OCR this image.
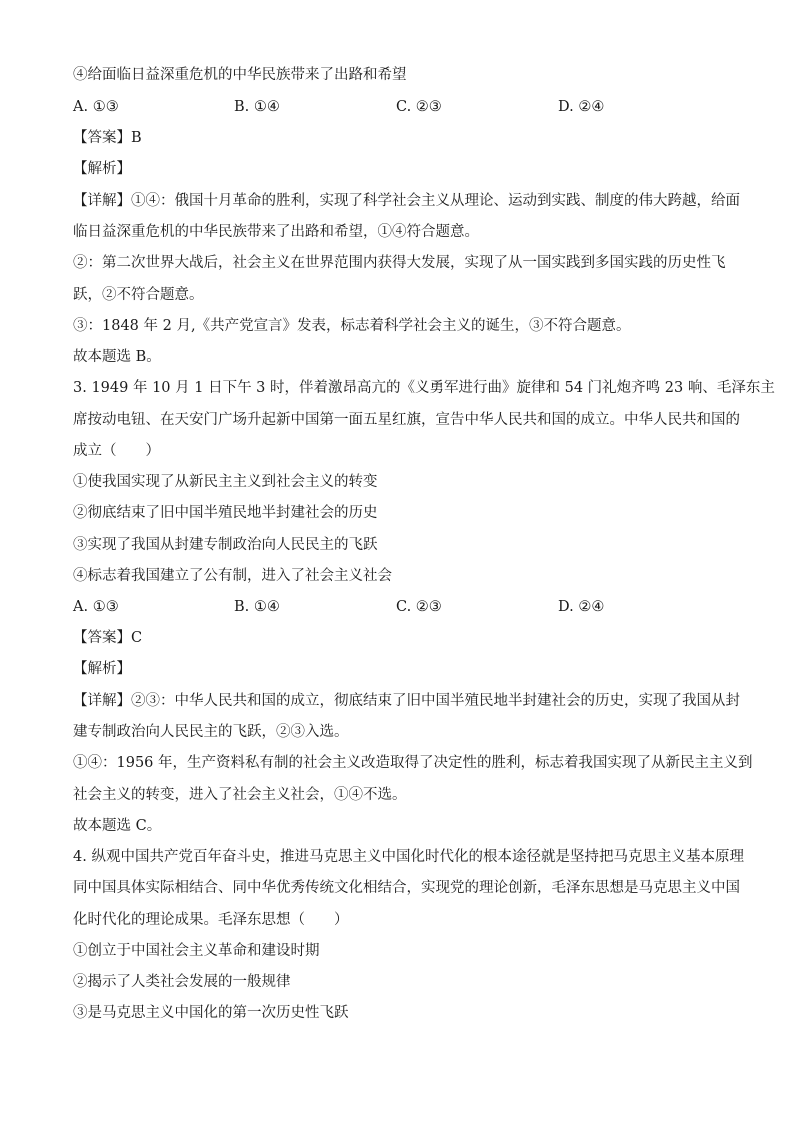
④给面临日益深重危机的中华民族带来了出路和希望
A. ①③	B. ①④	C. ②③	D. ②④
【答案】B
【解析】
【详解】①④：俄国十月革命的胜利，实现了科学社会主义从理论、运动到实践、制度的伟大跨越，给面
临日益深重危机的中华民族带来了出路和希望，①④符合题意。
②：第二次世界大战后，社会主义在世界范围内获得大发展，实现了从一国实践到多国实践的历史性飞
跃，②不符合题意。
③：1848 年 2 月,《共产党宣言》发表，标志着科学社会主义的诞生，③不符合题意。
故本题选 B。
3. 1949 年 10 月 1 日下午 3 时，伴着激昂高亢的《义勇军进行曲》旋律和 54 门礼炮齐鸣 23 响、毛泽东主
席按动电钮、在天安门广场升起新中国第一面五星红旗，宣告中华人民共和国的成立。中华人民共和国的
成立（　　）
①使我国实现了从新民主主义到社会主义的转变
②彻底结束了旧中国半殖民地半封建社会的历史
③实现了我国从封建专制政治向人民民主的飞跃
④标志着我国建立了公有制，进入了社会主义社会
A. ①③	B. ①④	C. ②③	D. ②④
【答案】C
【解析】
【详解】②③：中华人民共和国的成立，彻底结束了旧中国半殖民地半封建社会的历史，实现了我国从封
建专制政治向人民民主的飞跃，②③入选。
①④：1956 年，生产资料私有制的社会主义改造取得了决定性的胜利，标志着我国实现了从新民主主义到
社会主义的转变，进入了社会主义社会，①④不选。
故本题选 C。
4. 纵观中国共产党百年奋斗史，推进马克思主义中国化时代化的根本途径就是坚持把马克思主义基本原理
同中国具体实际相结合、同中华优秀传统文化相结合，实现党的理论创新，毛泽东思想是马克思主义中国
化时代化的理论成果。毛泽东思想（　　）
①创立于中国社会主义革命和建设时期
②揭示了人类社会发展的一般规律
③是马克思主义中国化的第一次历史性飞跃
